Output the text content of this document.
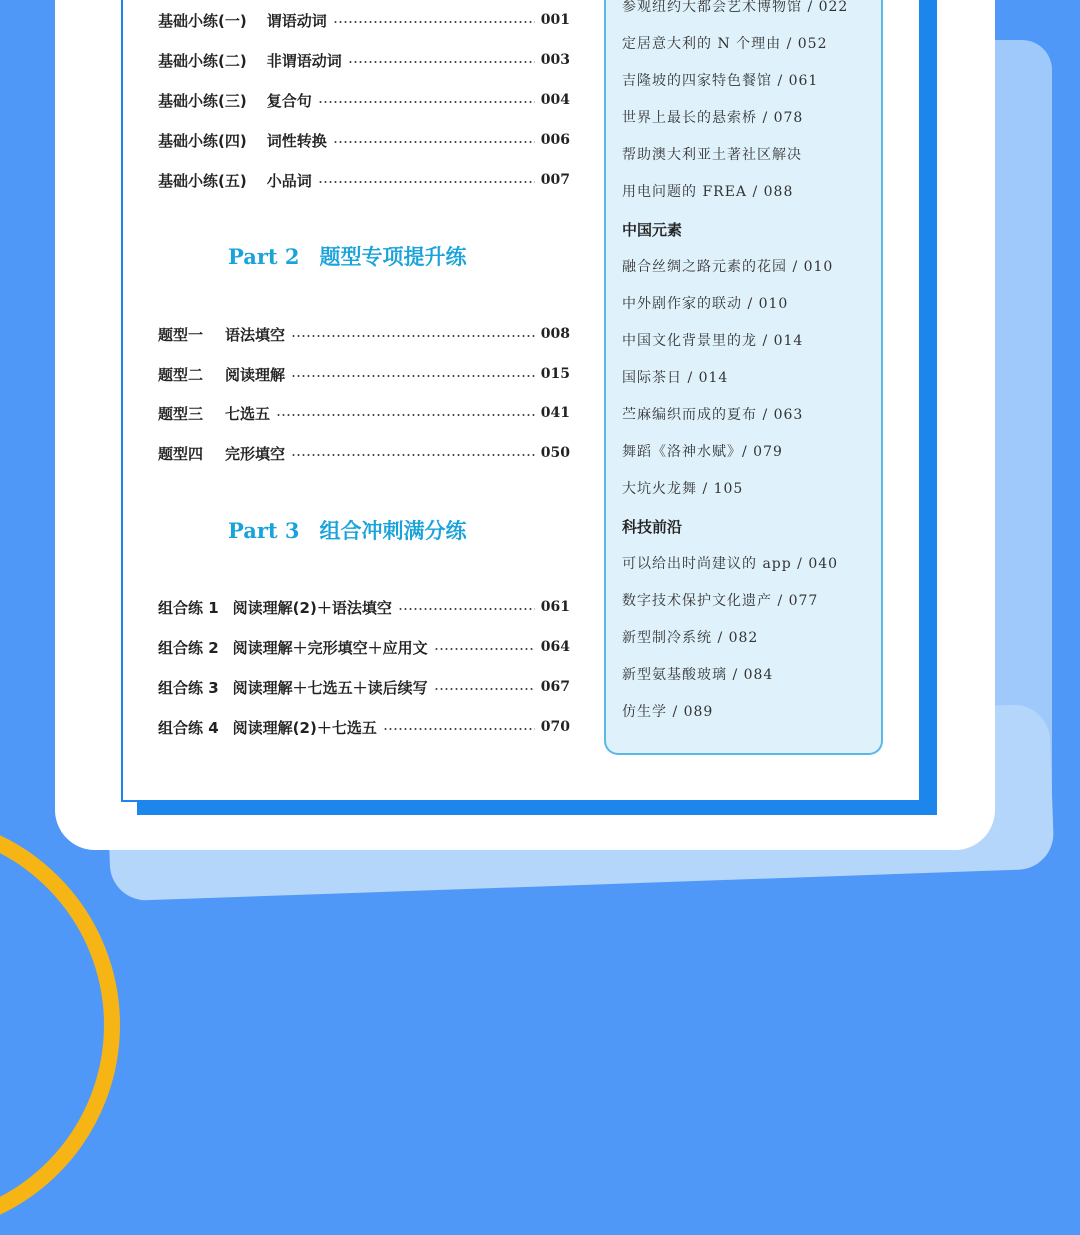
基础小练(一) 谓语动词	001
基础小练(二) 非谓语动词	003
基础小练(三) 复合句	004
基础小练(四) 词性转换	006
基础小练(五) 小品词	007
Part 2 题型专项提升练
题型一 语法填空	008
题型二 阅读理解	015
题型三 七选五	041
题型四 完形填空	050
Part 3 组合冲刺满分练
组合练 1 阅读理解(2)＋语法填空	061
组合练 2 阅读理解＋完形填空＋应用文	064
组合练 3 阅读理解＋七选五＋读后续写	067
组合练 4 阅读理解(2)＋七选五	070
参观纽约大都会艺术博物馆 / 022
定居意大利的 N 个理由 / 052
吉隆坡的四家特色餐馆 / 061
世界上最长的悬索桥 / 078
帮助澳大利亚土著社区解决
用电问题的 FREA / 088
中国元素
融合丝绸之路元素的花园 / 010
中外剧作家的联动 / 010
中国文化背景里的龙 / 014
国际茶日 / 014
苎麻编织而成的夏布 / 063
舞蹈《洛神水赋》/ 079
大坑火龙舞 / 105
科技前沿
可以给出时尚建议的 app / 040
数字技术保护文化遗产 / 077
新型制冷系统 / 082
新型氨基酸玻璃 / 084
仿生学 / 089
